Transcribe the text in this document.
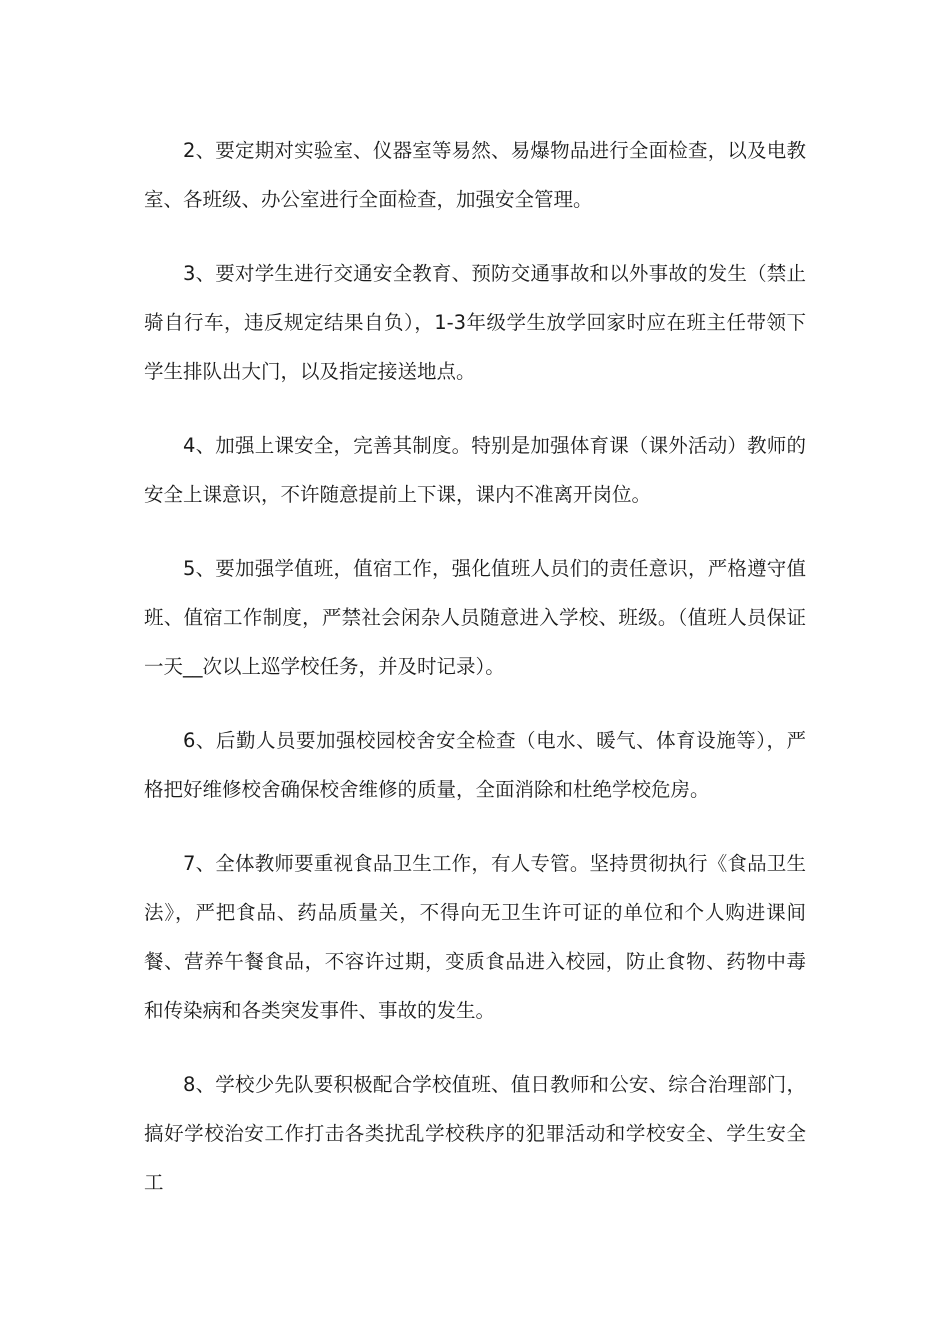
2、要定期对实验室、仪器室等易然、易爆物品进行全面检查，以及电教室、各班级、办公室进行全面检查，加强安全管理。

3、要对学生进行交通安全教育、预防交通事故和以外事故的发生（禁止骑自行车，违反规定结果自负），1-3年级学生放学回家时应在班主任带领下学生排队出大门，以及指定接送地点。

4、加强上课安全，完善其制度。特别是加强体育课（课外活动）教师的安全上课意识，不许随意提前上下课，课内不准离开岗位。

5、要加强学值班，值宿工作，强化值班人员们的责任意识，严格遵守值班、值宿工作制度，严禁社会闲杂人员随意进入学校、班级。（值班人员保证一天__次以上巡学校任务，并及时记录）。

6、后勤人员要加强校园校舍安全检查（电水、暖气、体育设施等），严格把好维修校舍确保校舍维修的质量，全面消除和杜绝学校危房。

7、全体教师要重视食品卫生工作，有人专管。坚持贯彻执行《食品卫生法》，严把食品、药品质量关，不得向无卫生许可证的单位和个人购进课间餐、营养午餐食品，不容许过期，变质食品进入校园，防止食物、药物中毒和传染病和各类突发事件、事故的发生。

8、学校少先队要积极配合学校值班、值日教师和公安、综合治理部门，搞好学校治安工作打击各类扰乱学校秩序的犯罪活动和学校安全、学生安全工
